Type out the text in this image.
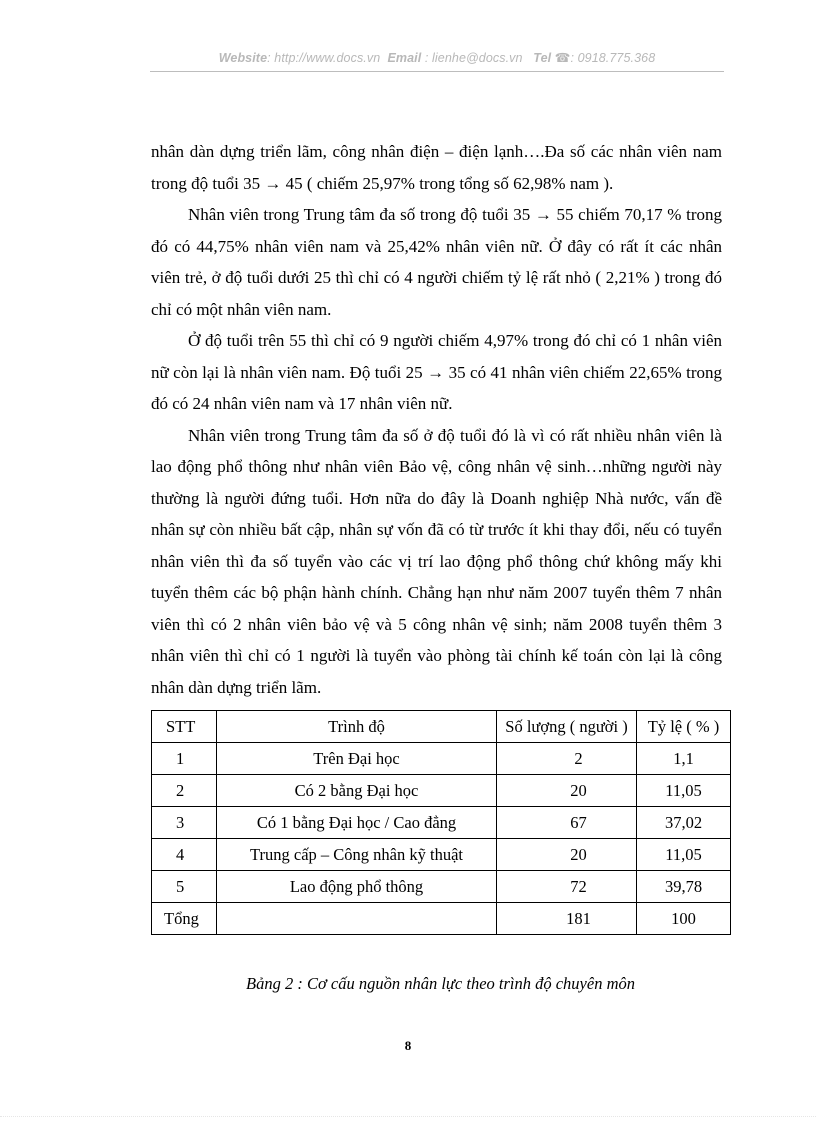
Website: http://www.docs.vn Email : lienhe@docs.vn Tel ☎: 0918.775.368

nhân dàn dựng triển lãm, công nhân điện – điện lạnh….Đa số các nhân viên nam trong độ tuổi 35 → 45 ( chiếm 25,97% trong tổng số 62,98% nam ).

Nhân viên trong Trung tâm đa số trong độ tuổi 35 → 55 chiếm 70,17 % trong đó có 44,75% nhân viên nam và 25,42% nhân viên nữ. Ở đây có rất ít các nhân viên trẻ, ở độ tuổi dưới 25 thì chỉ có 4 người chiếm tỷ lệ rất nhỏ ( 2,21% ) trong đó chỉ có một nhân viên nam.

Ở độ tuổi trên 55 thì chỉ có 9 người chiếm 4,97% trong đó chỉ có 1 nhân viên nữ còn lại là nhân viên nam. Độ tuổi 25 → 35 có 41 nhân viên chiếm 22,65% trong đó có 24 nhân viên nam và 17 nhân viên nữ.

Nhân viên trong Trung tâm đa số ở độ tuổi đó là vì có rất nhiều nhân viên là lao động phổ thông như nhân viên Bảo vệ, công nhân vệ sinh…những người này thường là người đứng tuổi. Hơn nữa do đây là Doanh nghiệp Nhà nước, vấn đề nhân sự còn nhiều bất cập, nhân sự vốn đã có từ trước ít khi thay đổi, nếu có tuyển nhân viên thì đa số tuyển vào các vị trí lao động phổ thông chứ không mấy khi tuyển thêm các bộ phận hành chính. Chẳng hạn như năm 2007 tuyển thêm 7 nhân viên thì có 2 nhân viên bảo vệ và 5 công nhân vệ sinh; năm 2008 tuyển thêm 3 nhân viên thì chỉ có 1 người là tuyển vào phòng tài chính kế toán còn lại là công nhân dàn dựng triển lãm.

STT	Trình độ	Số lượng ( người )	Tỷ lệ ( % )
1	Trên Đại học	2	1,1
2	Có 2 bằng Đại học	20	11,05
3	Có 1 bằng Đại học / Cao đẳng	67	37,02
4	Trung cấp – Công nhân kỹ thuật	20	11,05
5	Lao động phổ thông	72	39,78
Tổng		181	100
Bảng 2 : Cơ cấu nguồn nhân lực theo trình độ chuyên môn
8
